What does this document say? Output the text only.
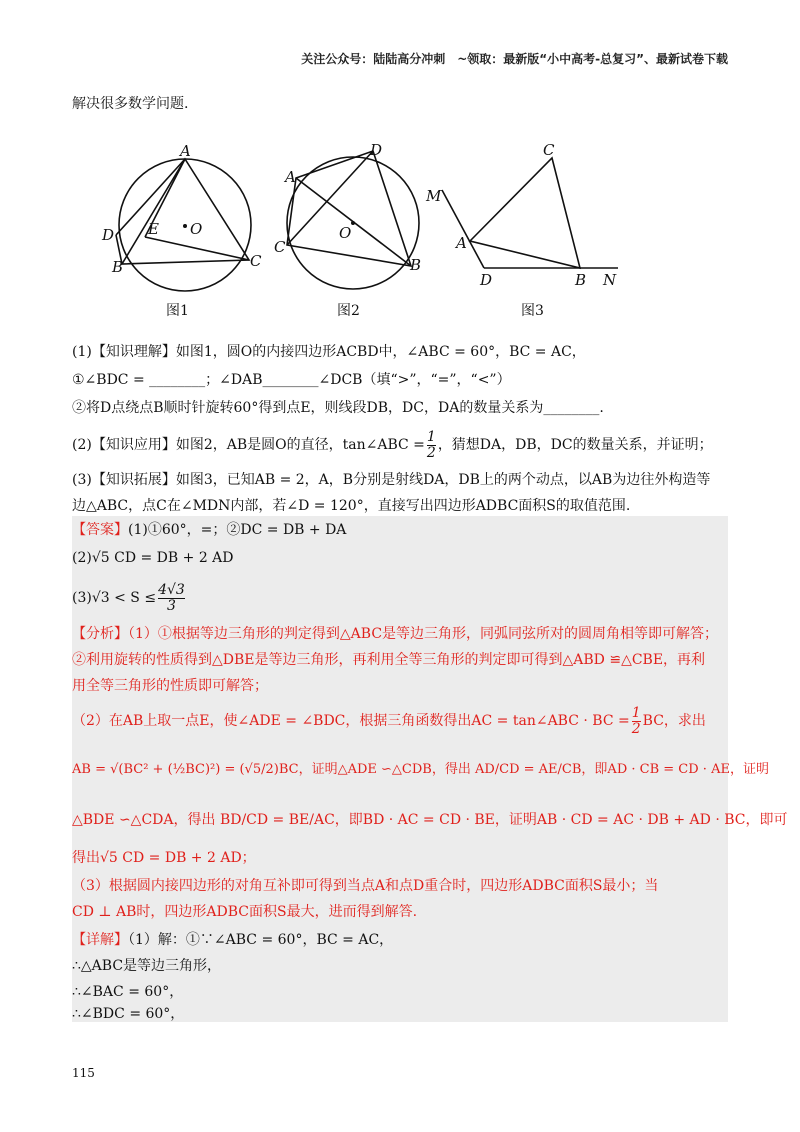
关注公众号：陆陆高分冲刺　~领取：最新版“小中高考-总复习”、最新试卷下载
解决很多数学问题.
A
D E O
B	C
D
A
O
C
B
C
M
A
D	B N
图1	图2	图3
(1)【知识理解】如图1，圆O的内接四边形ACBD中，∠ABC = 60°，BC = AC，
①∠BDC = ________；∠DAB________∠DCB（填“>”，“=”，“<”）
②将D点绕点B顺时针旋转60°得到点E，则线段DB，DC，DA的数量关系为________.
(2)【知识应用】如图2，AB是圆O的直径，tan∠ABC = $\frac{1}{2}$ ，猜想DA，DB，DC的数量关系，并证明；
(3)【知识拓展】如图3，已知AB = 2，A，B分别是射线DA，DB上的两个动点，以AB为边往外构造等
边△ABC，点C在∠MDN内部，若∠D = 120°，直接写出四边形ADBC面积S的取值范围.
【答案】(1)①60°，=；②DC = DB + DA
(2)√5 CD = DB + 2 AD
$(3)√3 < S \le \frac{4√3}{3}$
【分析】（1）①根据等边三角形的判定得到△ABC是等边三角形，同弧同弦所对的圆周角相等即可解答；
②利用旋转的性质得到△DBE是等边三角形，再利用全等三角形的判定即可得到△ABD ≌△CBE，再利
用全等三角形的性质即可解答；
（2）在AB上取一点E，使∠ADE = ∠BDC，根据三角函数得出AC = tan∠ABC · BC = $\frac{1}{2}$ BC，求出
AB = √(BC² + (½BC)²) = (√5/2)BC，证明△ADE ∽△CDB，得出 AD/CD = AE/CB，即AD · CB = CD · AE，证明
△BDE ∽△CDA，得出 BD/CD = BE/AC，即BD · AC = CD · BE，证明AB · CD = AC · DB + AD · BC，即可
得出√5 CD = DB + 2 AD；
（3）根据圆内接四边形的对角互补即可得到当点A和点D重合时，四边形ADBC面积S最小；当
CD ⊥ AB时，四边形ADBC面积S最大，进而得到解答.
【详解】（1）解：①∵∠ABC = 60°，BC = AC，
∴△ABC是等边三角形，
∴∠BAC = 60°，
∴∠BDC = 60°，
115
